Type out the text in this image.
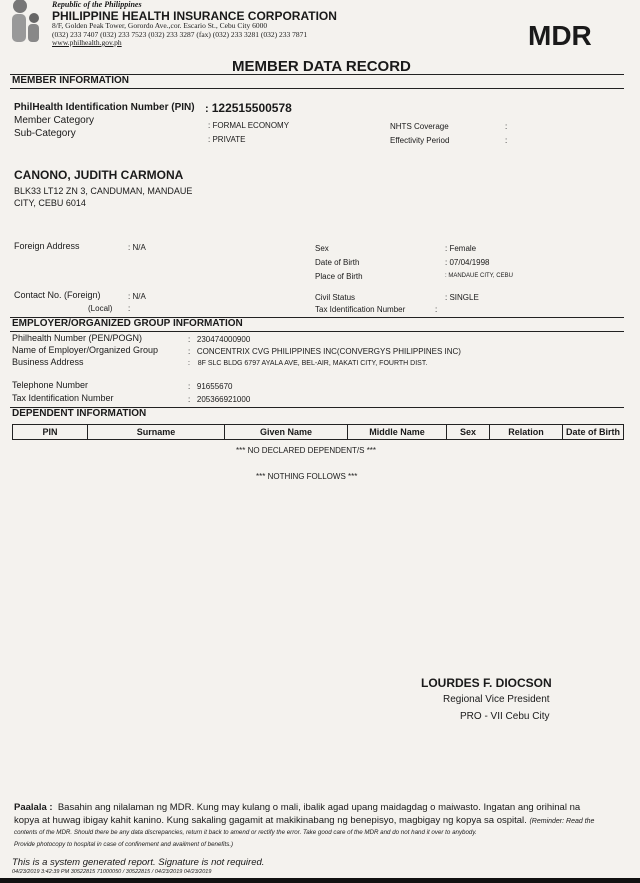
Republic of the Philippines
PHILIPPINE HEALTH INSURANCE CORPORATION
8/F, Golden Peak Tower, Gorordo Ave.,cor. Escario St., Cebu City 6000
(032) 233 7407 (032) 233 7523 (032) 233 3287 (fax) (032) 233 3281 (032) 233 7871
www.philhealth.gov.ph	MDR
MEMBER DATA RECORD
MEMBER INFORMATION
PhilHealth Identification Number (PIN) : 122515500578
Member Category	: FORMAL ECONOMY
Sub-Category
: PRIVATE
NHTS Coverage	:
Effectivity Period	:
CANONO, JUDITH CARMONA
BLK33 LT12 ZN 3, CANDUMAN, MANDAUE
CITY, CEBU 6014
Foreign Address	: N/A	Sex	: Female
Date of Birth	: 07/04/1998
Place of Birth	: MANDAUE CITY, CEBU
Contact No. (Foreign)	: N/A
(Local) :
Civil Status	: SINGLE
Tax Identification Number	:
EMPLOYER/ORGANIZED GROUP INFORMATION
Philhealth Number (PEN/POGN)	:   230474000900
Name of Employer/Organized Group	:   CONCENTRIX CVG PHILIPPINES INC(CONVERGYS PHILIPPINES INC)
Business Address	:    8F SLC BLDG 6797 AYALA AVE, BEL-AIR, MAKATI CITY, FOURTH DIST.
Telephone Number	:   91655670
Tax Identification Number	:   205366921000
DEPENDENT INFORMATION
PIN	Surname	Given Name	Middle Name	Sex	Relation	Date of Birth
*** NO DECLARED DEPENDENT/S ***
*** NOTHING FOLLOWS ***
LOURDES F. DIOCSON
Regional Vice President
PRO - VII Cebu City
Paalala : Basahin ang nilalaman ng MDR. Kung may kulang o mali, ibalik agad upang maidagdag o maiwasto. Ingatan ang orihinal na
kopya at huwag ibigay kahit kanino. Kung sakaling gagamit at makikinabang ng benepisyo, magbigay ng kopya sa ospital. (Reminder: Read the
contents of the MDR. Should there be any data discrepancies, return it back to amend or rectify the error. Take good care of the MDR and do not hand it over to anybody.
Provide photocopy to hospital in case of confinement and availment of benefits.)
This is a system generated report. Signature is not required.
04/23/2019 3:42:39 PM 30522815 71000050 / 30522815 / 04/23/2019 04/23/2019
